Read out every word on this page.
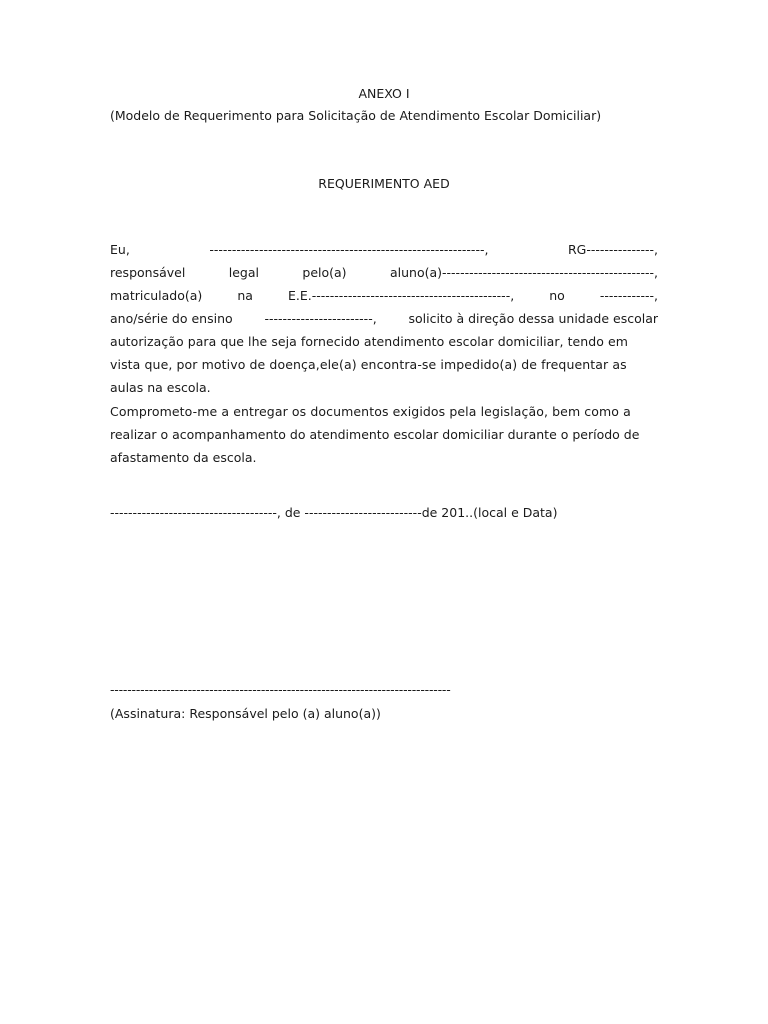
ANEXO I
(Modelo de Requerimento para Solicitação de Atendimento Escolar Domiciliar)
REQUERIMENTO AED
Eu,	-------------------------------------------------------------,	RG---------------,
responsável	legal	pelo(a)	aluno(a)-----------------------------------------------,
matriculado(a)	na	E.E.--------------------------------------------,	no	------------,
ano/série do ensino	------------------------,	solicito à direção dessa unidade escolar
autorização para que lhe seja fornecido atendimento escolar domiciliar, tendo em
vista que, por motivo de doença,ele(a) encontra-se impedido(a) de frequentar as
aulas na escola.
Comprometo-me a entregar os documentos exigidos pela legislação, bem como a
realizar o acompanhamento do atendimento escolar domiciliar durante o período de
afastamento da escola.
-------------------------------------, de --------------------------de 201..(local e Data)
-------------------------------------------------------------------------------
(Assinatura: Responsável pelo (a) aluno(a))
